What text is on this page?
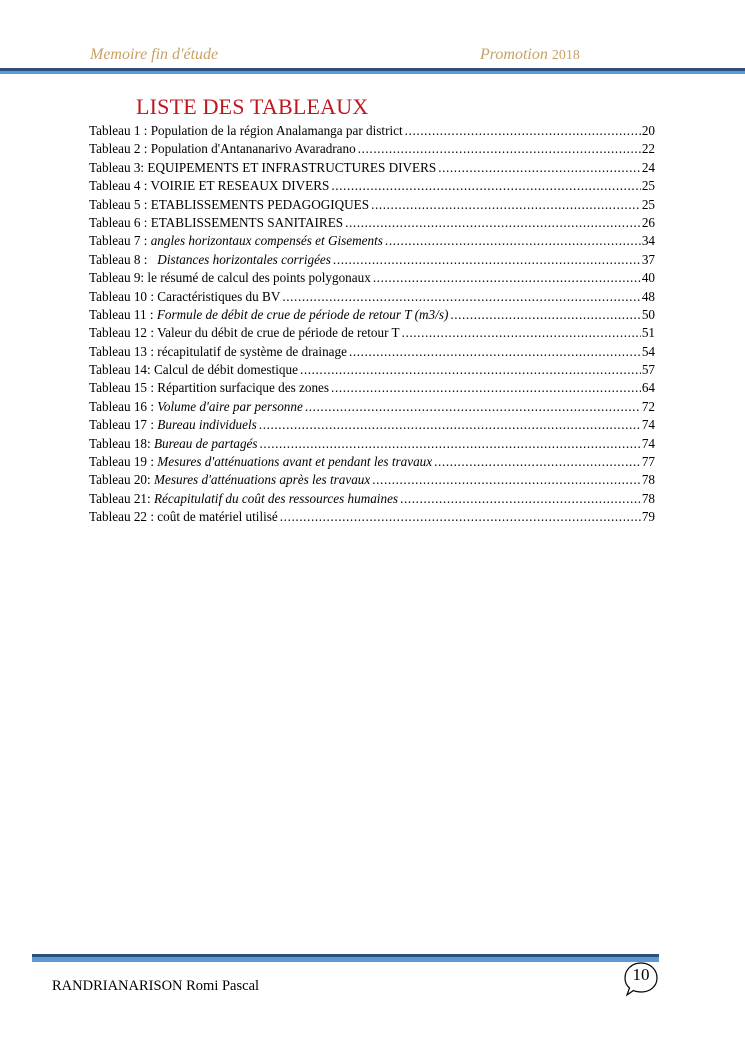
Memoire fin d'étude	Promotion 2018
LISTE DES TABLEAUX
Tableau 1 : Population de la région Analamanga par district .....	20
Tableau 2 : Population d'Antananarivo Avaradrano .....	22
Tableau 3: EQUIPEMENTS ET INFRASTRUCTURES DIVERS .....	24
Tableau 4 : VOIRIE ET RESEAUX DIVERS .....	25
Tableau 5 : ETABLISSEMENTS PEDAGOGIQUES .....	25
Tableau 6 : ETABLISSEMENTS SANITAIRES .....	26
Tableau 7 : angles horizontaux compensés et Gisements .....	34
Tableau 8 :   Distances horizontales corrigées .....	37
Tableau 9: le résumé de calcul des points polygonaux .....	40
Tableau 10 : Caractéristiques du BV .....	48
Tableau 11 : Formule de débit de crue de période de retour T (m3/s) .....	50
Tableau 12 : Valeur du débit de crue de période de retour T .....	51
Tableau 13 : récapitulatif de système de drainage .....	54
Tableau 14: Calcul de débit domestique .....	57
Tableau 15 : Répartition surfacique des zones .....	64
Tableau 16 : Volume d'aire par personne .....	72
Tableau 17 : Bureau individuels .....	74
Tableau 18: Bureau de partagés .....	74
Tableau 19 : Mesures d'atténuations avant et pendant les travaux .....	77
Tableau 20: Mesures d'atténuations après les travaux .....	78
Tableau 21: Récapitulatif du coût des ressources humaines .....	78
Tableau 22 : coût de matériel utilisé .....	79
RANDRIANARISON Romi Pascal
10
